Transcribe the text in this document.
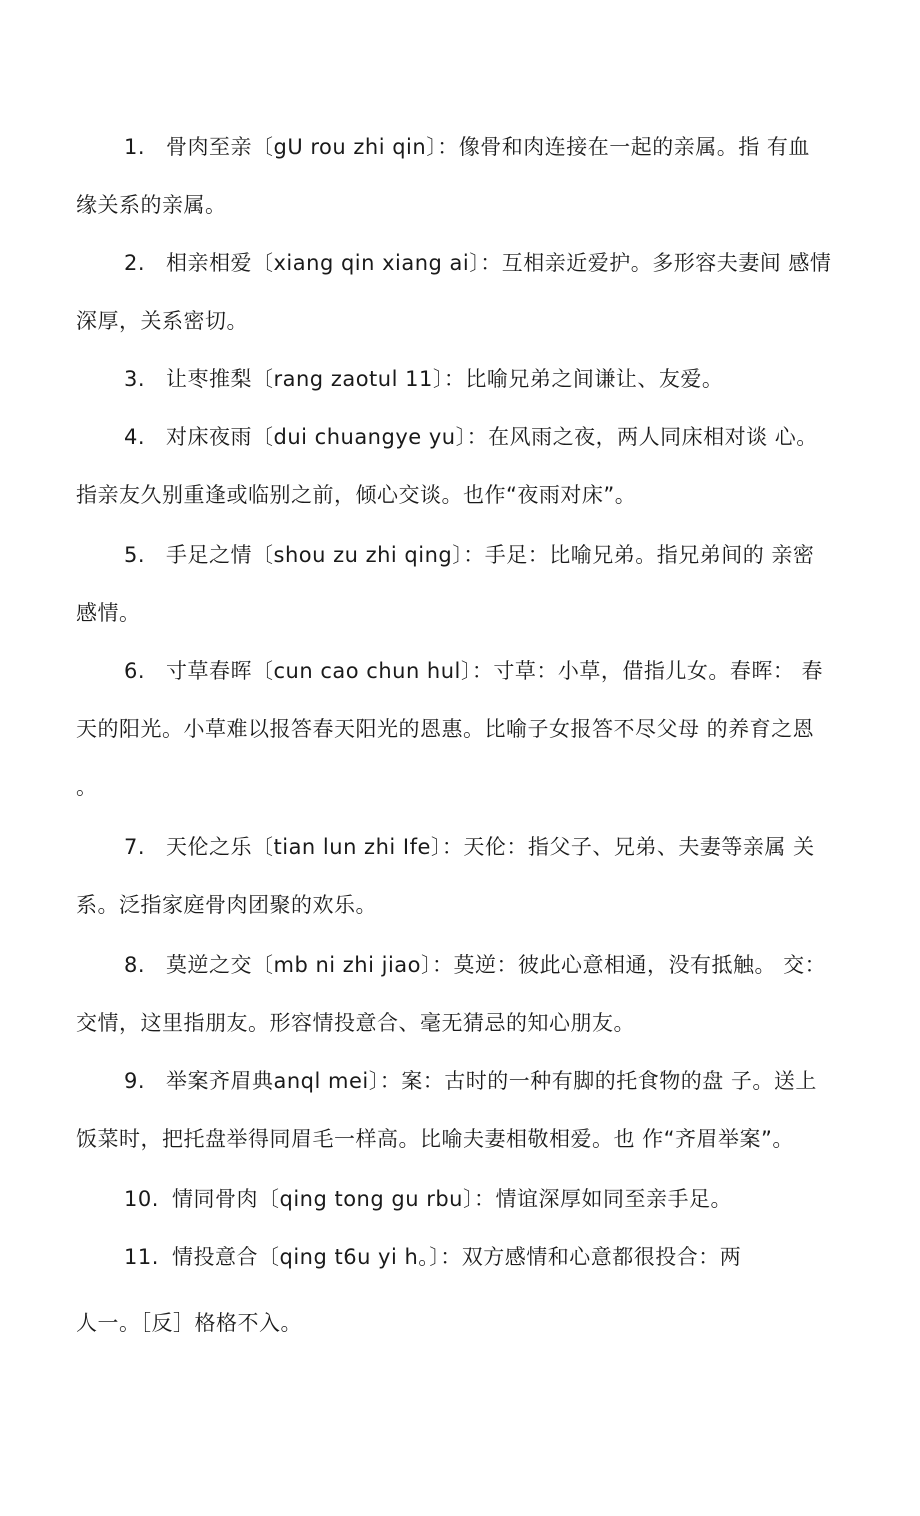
1. 骨肉至亲〔gU rou zhi qin〕：像骨和肉连接在一起的亲属。指 有血
缘关系的亲属。
2. 相亲相爱〔xiang qin xiang ai〕：互相亲近爱护。多形容夫妻间 感情
深厚，关系密切。
3. 让枣推梨〔rang zaotul 11〕：比喻兄弟之间谦让、友爱。
4. 对床夜雨〔dui chuangye yu〕：在风雨之夜，两人同床相对谈 心。
指亲友久别重逢或临别之前，倾心交谈。也作“夜雨对床”。
5. 手足之情〔shou zu zhi qing〕：手足：比喻兄弟。指兄弟间的 亲密
感情。
6. 寸草春晖〔cun cao chun hul〕：寸草：小草，借指儿女。春晖： 春
天的阳光。小草难以报答春天阳光的恩惠。比喻子女报答不尽父母 的养育之恩
。
7. 天伦之乐〔tian lun zhi Ife〕：天伦：指父子、兄弟、夫妻等亲属 关
系。泛指家庭骨肉团聚的欢乐。
8. 莫逆之交〔mb ni zhi jiao〕：莫逆：彼此心意相通，没有抵触。 交：
交情，这里指朋友。形容情投意合、毫无猜忌的知心朋友。
9. 举案齐眉典anql mei〕：案：古时的一种有脚的托食物的盘 子。送上
饭菜时，把托盘举得同眉毛一样高。比喻夫妻相敬相爱。也 作“齐眉举案”。
10. 情同骨肉〔qing tong gu rbu〕：情谊深厚如同至亲手足。
11. 情投意合〔qing t6u yi h。〕：双方感情和心意都很投合：两
人一。［反］格格不入。
